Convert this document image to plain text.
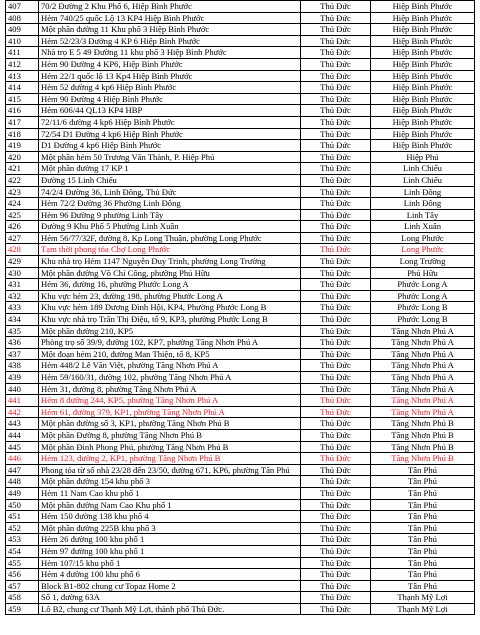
407	70/2 Đường 2 Khu Phố 6, Hiệp Bình Phước	Thủ Đức	Hiệp Bình Phước
408	Hẻm 740/25 quốc Lộ 13 KP4 Hiệp Bình Phước	Thủ Đức	Hiệp Bình Phước
409	Một phần đường 11 Khu phố 3 Hiệp Bình Phước	Thủ Đức	Hiệp Bình Phước
410	Hẻm 52/23/3 Đường 4 KP 6 Hiệp Bình Phước	Thủ Đức	Hiệp Bình Phước
411	Nhà trọ E 5 49 Đường 11 khu phố 3 Hiệp Bình Phước	Thủ Đức	Hiệp Bình Phước
412	Hẻm 90 Đường 4 KP6, Hiệp Bình Phước	Thủ Đức	Hiệp Bình Phước
413	Hẻm 22/1 quốc lộ 13 Kp4 Hiệp Bình Phước	Thủ Đức	Hiệp Bình Phước
414	Hẻm 52 đường 4 kp6 Hiệp Bình Phước	Thủ Đức	Hiệp Bình Phước
415	Hẻm 90 Đường 4 Hiệp Bình Phước	Thủ Đức	Hiệp Bình Phước
416	Hẻm 606/44 QL13 KP4 HBP	Thủ Đức	Hiệp Bình Phước
417	72/11/6 đường 4 kp6 Hiệp Bình Phước	Thủ Đức	Hiệp Bình Phước
418	72/54 D1 Đường 4 kp6 Hiệp Bình Phước	Thủ Đức	Hiệp Bình Phước
419	D1 Đường 4 kp6 Hiệp Bình Phước	Thủ Đức	Hiệp Bình Phước
420	Một phần hẻm 50 Trương Văn Thành, P. Hiệp Phú	Thủ Đức	Hiệp Phú
421	Một phần đường 17 KP 1	Thủ Đức	Linh Chiểu
422	Đường 15 Linh Chiểu	Thủ Đức	Linh Chiểu
423	74/2/4 Đường 36, Linh Đông, Thủ Đức	Thủ Đức	Linh Đông
424	Hẻm 72/2 Đường 36 Phường Linh Đông	Thủ Đức	Linh Đông
425	Hẻm 96 Đường 9 phường Linh Tây	Thủ Đức	Linh Tây
426	Đường 9 Khu Phố 5 Phường Linh Xuân	Thủ Đức	Linh Xuân
427	Hẻm 56/77/32F, đường 8, Kp Long Thuận, phường Long Phước	Thủ Đức	Long Phước
428	Tạm thời phong tỏa Chợ Long Phước	Thủ Đức	Long Phước
429	Khu nhà trọ Hẻm 1147 Nguyễn Duy Trinh, phường Long Trường	Thủ Đức	Long Trường
430	Một phần đường Võ Chí Công, phường Phú Hữu	Thủ Đức	Phú Hữu
431	Hẻm 36, đường 16, phường Phước Long A	Thủ Đức	Phước Long A
432	Khu vực hẻm 23, đường 198, phường Phước Long A	Thủ Đức	Phước Long A
433	Khu vực hẻm 189 Dương Đình Hội, KP4, Phường Phước Long B	Thủ Đức	Phước Long B
434	Khu vực nhà trọ Trần Thị Điệu, tổ 9, KP3, phường Phước Long B	Thủ Đức	Phước Long B
435	Một phần đường 210, KP5	Thủ Đức	Tăng Nhơn Phú A
436	Phòng trọ số 39/9, đường 102, KP7, phường Tăng Nhơn Phú A	Thủ Đức	Tăng Nhơn Phú A
437	Một đoạn hẻm 210, đường Man Thiện, tổ 8, KP5	Thủ Đức	Tăng Nhơn Phú A
438	Hẻm 448/2 Lê Văn Việt, phường Tăng Nhơn Phú A	Thủ Đức	Tăng Nhơn Phú A
439	Hẻm 59/160/31, đường 102, phường Tăng Nhơn Phú A	Thủ Đức	Tăng Nhơn Phú A
440	Hẻm 31, đường 8, phường Tăng Nhơn Phú A	Thủ Đức	Tăng Nhơn Phú A
441	Hẻm 8 đường 244, KP5, phường Tăng Nhơn Phú A	Thủ Đức	Tăng Nhơn Phú A
442	Hẻm 61, đường 379, KP1, phường Tăng Nhơn Phú A	Thủ Đức	Tăng Nhơn Phú A
443	Một phần đường số 3, KP1, phường Tăng Nhơn Phú B	Thủ Đức	Tăng Nhơn Phú B
444	Một phần Đường 8, phường Tăng Nhơn Phú B	Thủ Đức	Tăng Nhơn Phú B
445	Một phần Đình Phong Phú, phường Tăng Nhơn Phú B	Thủ Đức	Tăng Nhơn Phú B
446	Hẻm 123, đường 2, KP1, phường Tăng Nhơn Phú B	Thủ Đức	Tăng Nhơn Phú B
447	Phong tỏa từ số nhà 23/28 đến 23/50, đường 671, KP6, phường Tân Phú	Thủ Đức	Tân Phú
448	Một phần đường 154 khu phố 3	Thủ Đức	Tân Phú
449	Hẻm 11 Nam Cao khu phố 1	Thủ Đức	Tân Phú
450	Một phần đường Nam Cao Khu phố 1	Thủ Đức	Tân Phú
451	Hẻm 150 đường 138 khu phố 4	Thủ Đức	Tân Phú
452	Một phần đường 225B khu phố 3	Thủ Đức	Tân Phú
453	Hẻm 26 đường 100 khu phố 1	Thủ Đức	Tân Phú
454	Hẻm 97 đường 100 khu phố 1	Thủ Đức	Tân Phú
455	Hẻm 107/15 khu phố 1	Thủ Đức	Tân Phú
456	Hẻm 4 đường 100 khu phố 6	Thủ Đức	Tân Phú
457	Block B1-802 chung cư Topaz Home 2	Thủ Đức	Tân Phú
458	Số 1, đường 63A	Thủ Đức	Thạnh Mỹ Lợi
459	Lô B2, chung cư Thạnh Mỹ Lợi, thành phố Thủ Đức.	Thủ Đức	Thạnh Mỹ Lợi
